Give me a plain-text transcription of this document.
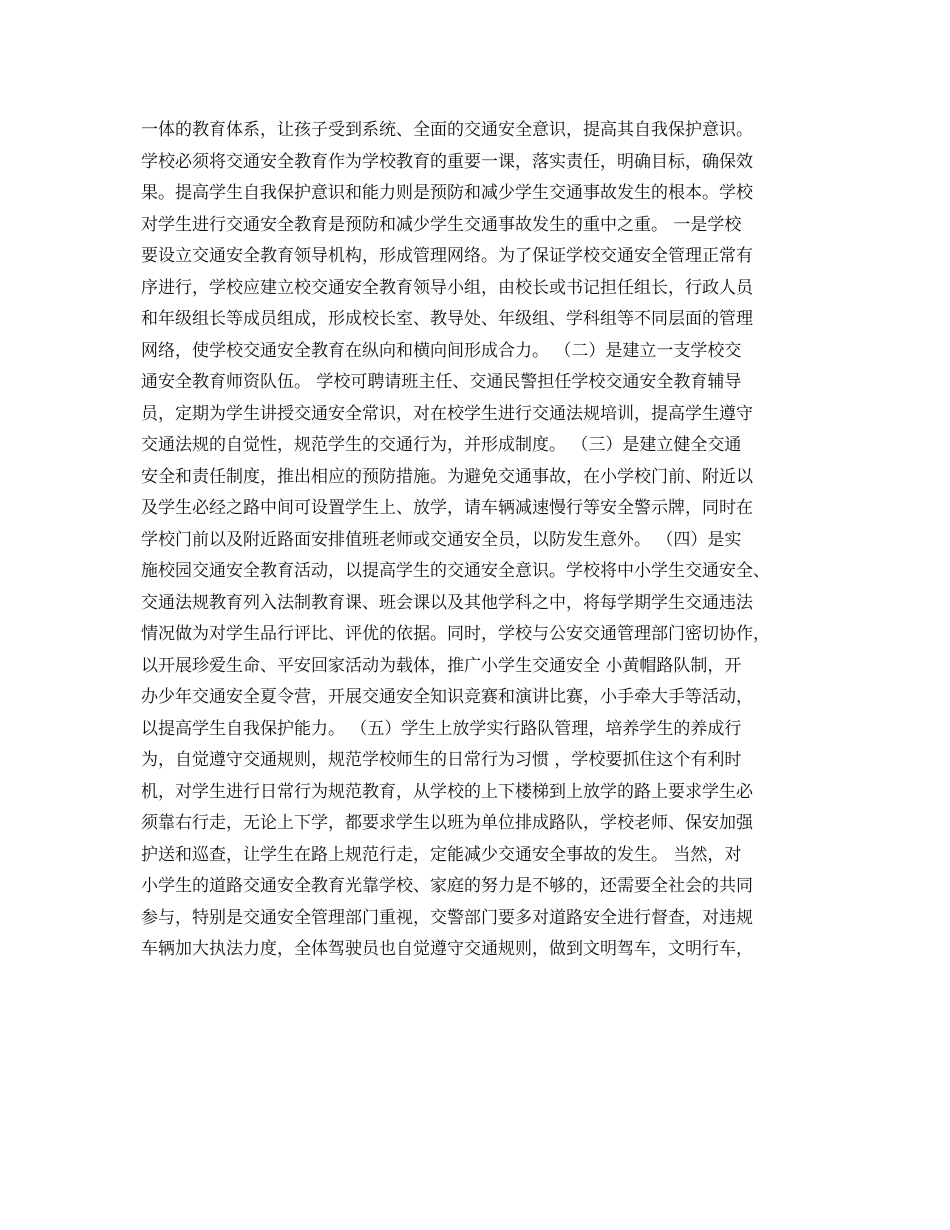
一体的教育体系，让孩子受到系统、全面的交通安全意识，提高其自我保护意识。
学校必须将交通安全教育作为学校教育的重要一课，落实责任，明确目标，确保效
果。提高学生自我保护意识和能力则是预防和减少学生交通事故发生的根本。学校
对学生进行交通安全教育是预防和减少学生交通事故发生的重中之重。 一是学校
要设立交通安全教育领导机构，形成管理网络。为了保证学校交通安全管理正常有
序进行，学校应建立校交通安全教育领导小组，由校长或书记担任组长，行政人员
和年级组长等成员组成，形成校长室、教导处、年级组、学科组等不同层面的管理
网络，使学校交通安全教育在纵向和横向间形成合力。 （二）是建立一支学校交
通安全教育师资队伍。 学校可聘请班主任、交通民警担任学校交通安全教育辅导
员，定期为学生讲授交通安全常识，对在校学生进行交通法规培训，提高学生遵守
交通法规的自觉性，规范学生的交通行为，并形成制度。 （三）是建立健全交通
安全和责任制度，推出相应的预防措施。为避免交通事故，在小学校门前、附近以
及学生必经之路中间可设置学生上、放学，请车辆减速慢行等安全警示牌，同时在
学校门前以及附近路面安排值班老师或交通安全员，以防发生意外。 （四）是实
施校园交通安全教育活动，以提高学生的交通安全意识。学校将中小学生交通安全、
交通法规教育列入法制教育课、班会课以及其他学科之中，将每学期学生交通违法
情况做为对学生品行评比、评优的依据。同时，学校与公安交通管理部门密切协作，
以开展珍爱生命、平安回家活动为载体，推广小学生交通安全 小黄帽路队制，开
办少年交通安全夏令营，开展交通安全知识竞赛和演讲比赛，小手牵大手等活动，
以提高学生自我保护能力。 （五）学生上放学实行路队管理，培养学生的养成行
为，自觉遵守交通规则，规范学校师生的日常行为习惯 ，学校要抓住这个有利时
机，对学生进行日常行为规范教育，从学校的上下楼梯到上放学的路上要求学生必
须靠右行走，无论上下学，都要求学生以班为单位排成路队，学校老师、保安加强
护送和巡查，让学生在路上规范行走，定能减少交通安全事故的发生。 当然，对
小学生的道路交通安全教育光靠学校、家庭的努力是不够的，还需要全社会的共同
参与，特别是交通安全管理部门重视，交警部门要多对道路安全进行督查，对违规
车辆加大执法力度，全体驾驶员也自觉遵守交通规则，做到文明驾车，文明行车，
